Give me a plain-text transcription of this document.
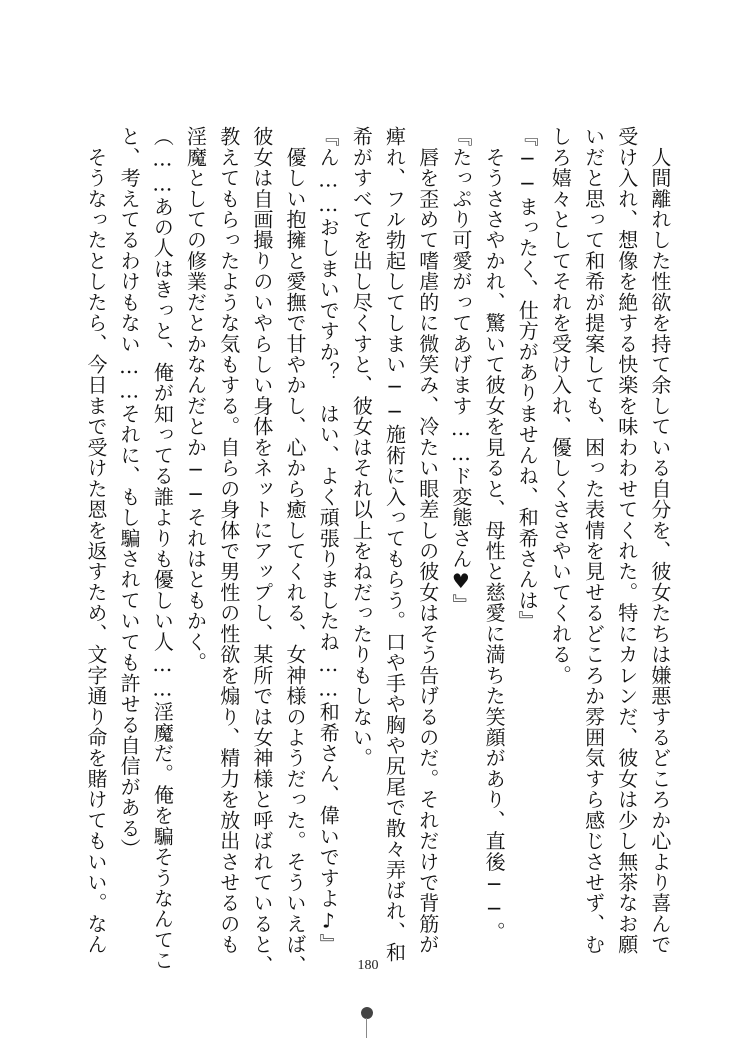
　人間離れした性欲を持て余している自分を、彼女たちは嫌悪するどころか心より喜んで

受け入れ、想像を絶する快楽を味わわせてくれた。特にカレンだ、彼女は少し無茶なお願

いだと思って和希が提案しても、困った表情を見せるどころか雰囲気すら感じさせず、む

しろ嬉々としてそれを受け入れ、優しくささやいてくれる。

『──まったく、仕方がありませんね、和希さんは』

　そうささやかれ、驚いて彼女を見ると、母性と慈愛に満ちた笑顔があり、直後──。

『たっぷり可愛がってあげます……ド変態さん♥』

　唇を歪めて嗜虐的に微笑み、冷たい眼差しの彼女はそう告げるのだ。それだけで背筋が

痺れ、フル勃起してしまい──施術に入ってもらう。口や手や胸や尻尾で散々弄ばれ、和

希がすべてを出し尽くすと、彼女はそれ以上をねだったりもしない。

『ん……おしまいですか？　はい、よく頑張りましたね……和希さん、偉いですよ♪』

　優しい抱擁と愛撫で甘やかし、心から癒してくれる、女神様のようだった。そういえば、

彼女は自画撮りのいやらしい身体をネットにアップし、某所では女神様と呼ばれていると、

教えてもらったような気もする。自らの身体で男性の性欲を煽り、精力を放出させるのも

淫魔としての修業だとかなんだとか──それはともかく。

（……あの人はきっと、俺が知ってる誰よりも優しい人……淫魔だ。俺を騙そうなんてこ

と、考えてるわけもない……それに、もし騙されていても許せる自信がある）

　そうなったとしたら、今日まで受けた恩を返すため、文字通り命を賭けてもいい。なん

180
